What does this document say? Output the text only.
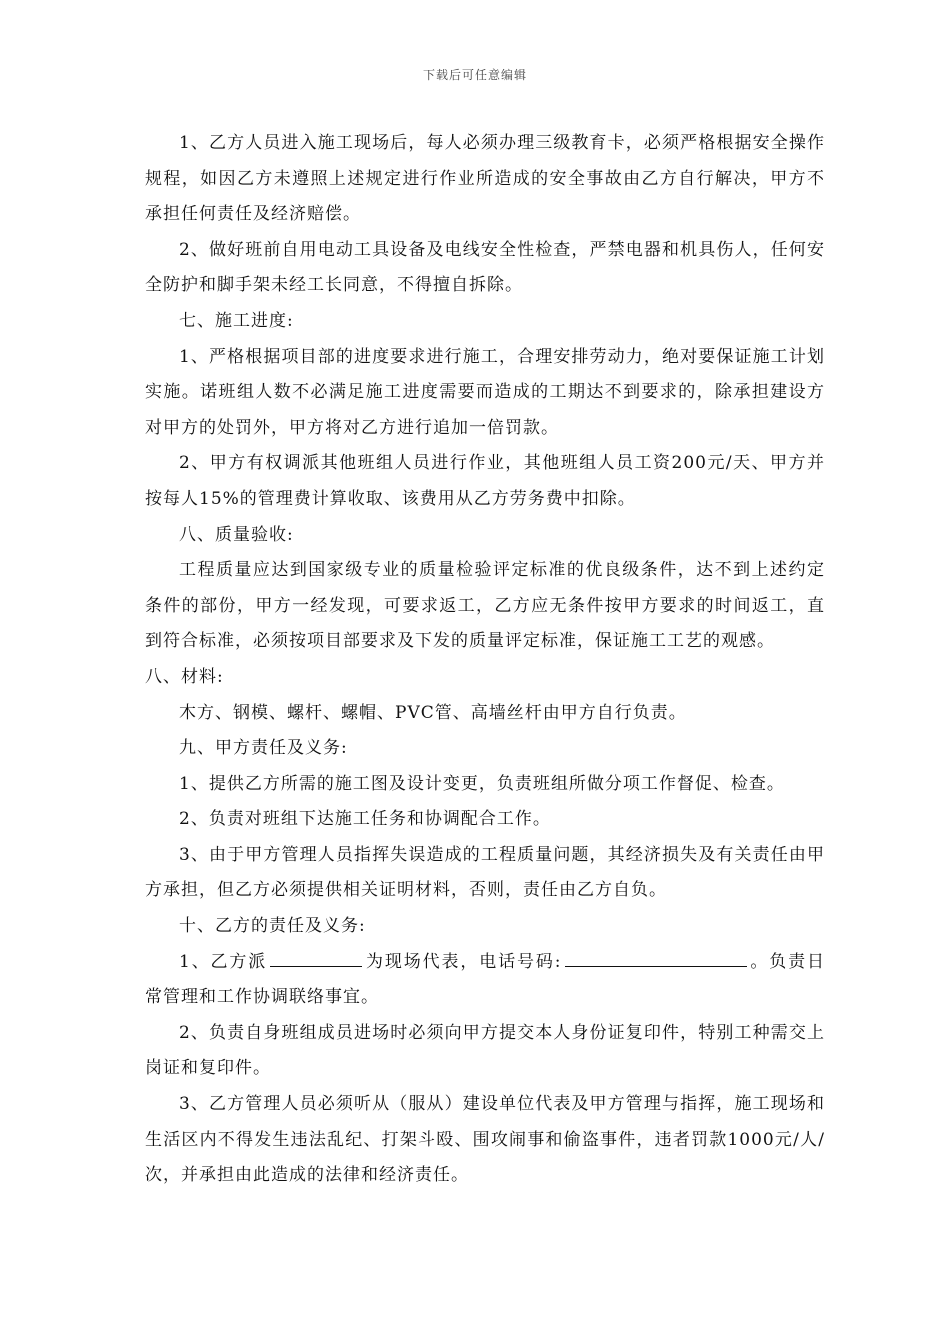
下载后可任意编辑

1、乙方人员进入施工现场后，每人必须办理三级教育卡，必须严格根据安全操作规程，如因乙方未遵照上述规定进行作业所造成的安全事故由乙方自行解决，甲方不承担任何责任及经济赔偿。

2、做好班前自用电动工具设备及电线安全性检查，严禁电器和机具伤人，任何安全防护和脚手架未经工长同意，不得擅自拆除。

七、施工进度:

1、严格根据项目部的进度要求进行施工，合理安排劳动力，绝对要保证施工计划实施。诺班组人数不必满足施工进度需要而造成的工期达不到要求的，除承担建设方对甲方的处罚外，甲方将对乙方进行追加一倍罚款。

2、甲方有权调派其他班组人员进行作业，其他班组人员工资200元/天、甲方并按每人15%的管理费计算收取、该费用从乙方劳务费中扣除。

八、质量验收:

工程质量应达到国家级专业的质量检验评定标准的优良级条件，达不到上述约定条件的部份，甲方一经发现，可要求返工，乙方应无条件按甲方要求的时间返工，直到符合标准，必须按项目部要求及下发的质量评定标准，保证施工工艺的观感。

八、材料:

木方、钢模、螺杆、螺帽、PVC管、高墙丝杆由甲方自行负责。

九、甲方责任及义务:

1、提供乙方所需的施工图及设计变更，负责班组所做分项工作督促、检查。

2、负责对班组下达施工任务和协调配合工作。

3、由于甲方管理人员指挥失误造成的工程质量问题，其经济损失及有关责任由甲方承担，但乙方必须提供相关证明材料，否则，责任由乙方自负。

十、乙方的责任及义务:

1、乙方派	为现场代表，电话号码:	。负责日常管理和工作协调联络事宜。

2、负责自身班组成员进场时必须向甲方提交本人身份证复印件，特别工种需交上岗证和复印件。

3、乙方管理人员必须听从（服从）建设单位代表及甲方管理与指挥，施工现场和生活区内不得发生违法乱纪、打架斗殴、围攻闹事和偷盗事件，违者罚款1000元/人/次，并承担由此造成的法律和经济责任。
